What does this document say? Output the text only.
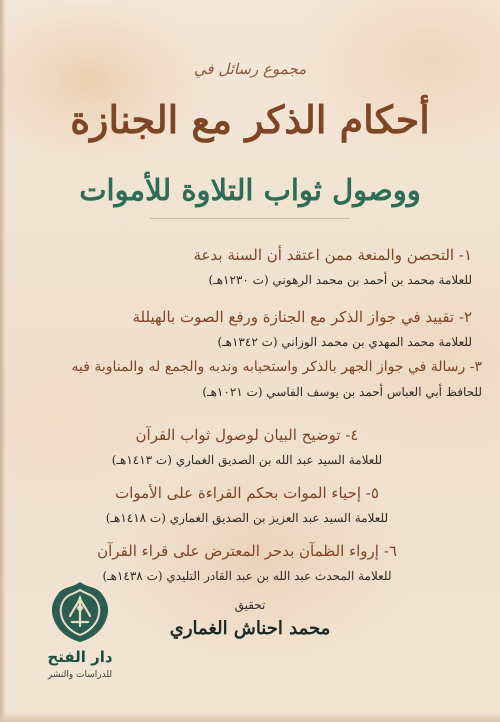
مجموع رسائل في
أحكام الذكر مع الجنازة
ووصول ثواب التلاوة للأموات
١- التحصن والمنعة ممن اعتقد أن السنة بدعة
للعلامة محمد بن أحمد بن محمد الرهوني (ت ١٢٣٠هـ)
٢- تقييد في جواز الذكر مع الجنازة ورفع الصوت بالهيللة
للعلامة محمد المهدي بن محمد الوزاني (ت ١٣٤٢هـ)
٣- رسالة في جواز الجهر بالذكر واستحبابه وندبه والجمع له والمناوبة فيه
للحافظ أبي العباس أحمد بن يوسف الفاسي (ت ١٠٢١هـ)
٤- توضيح البيان لوصول ثواب القرآن
للعلامة السيد عبد الله بن الصديق الغماري (ت ١٤١٣هـ)
٥- إحياء الموات بحكم القراءة على الأموات
للعلامة السيد عبد العزيز بن الصديق الغماري (ت ١٤١٨هـ)
٦- إرواء الظمآن بدحر المعترض على قراء القرآن
للعلامة المحدث عبد الله بن عبد القادر التليدي (ت ١٤٣٨هـ)
دار الفتح
للدراسات والنشر
تحقيق
محمد احناش الغماري
